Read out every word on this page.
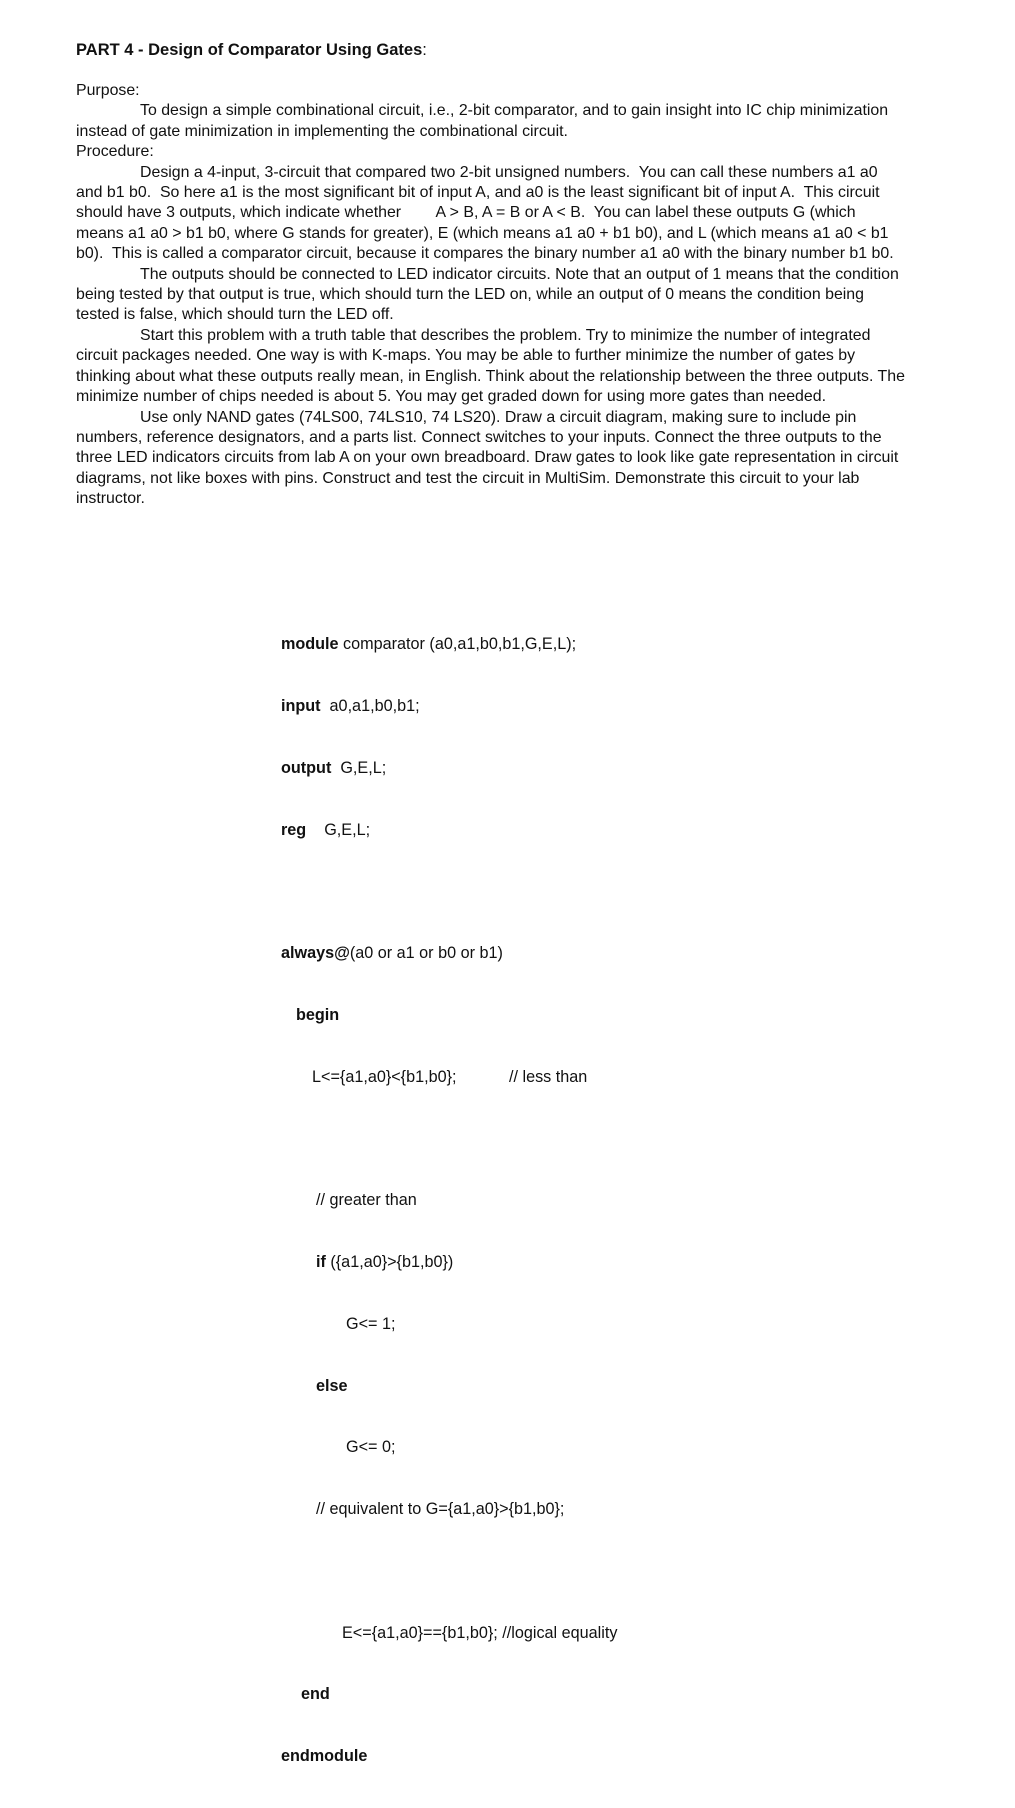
PART 4 - Design of Comparator Using Gates:

Purpose:

To design a simple combinational circuit, i.e., 2-bit comparator, and to gain insight into IC chip minimization instead of gate minimization in implementing the combinational circuit.

Procedure:

Design a 4-input, 3-circuit that compared two 2-bit unsigned numbers.  You can call these numbers a1 a0 and b1 b0.  So here a1 is the most significant bit of input A, and a0 is the least significant bit of input A.  This circuit should have 3 outputs, which indicate whether        A > B, A = B or A < B.  You can label these outputs G (which means a1 a0 > b1 b0, where G stands for greater), E (which means a1 a0 + b1 b0), and L (which means a1 a0 < b1 b0).  This is called a comparator circuit, because it compares the binary number a1 a0 with the binary number b1 b0.

The outputs should be connected to LED indicator circuits. Note that an output of 1 means that the condition being tested by that output is true, which should turn the LED on, while an output of 0 means the condition being tested is false, which should turn the LED off.

Start this problem with a truth table that describes the problem. Try to minimize the number of integrated circuit packages needed. One way is with K-maps. You may be able to further minimize the number of gates by thinking about what these outputs really mean, in English. Think about the relationship between the three outputs. The minimize number of chips needed is about 5. You may get graded down for using more gates than needed.

Use only NAND gates (74LS00, 74LS10, 74 LS20). Draw a circuit diagram, making sure to include pin numbers, reference designators, and a parts list. Connect switches to your inputs. Connect the three outputs to the three LED indicators circuits from lab A on your own breadboard. Draw gates to look like gate representation in circuit diagrams, not like boxes with pins. Construct and test the circuit in MultiSim. Demonstrate this circuit to your lab instructor.

module comparator (a0,a1,b0,b1,G,E,L);

input  a0,a1,b0,b1;

output  G,E,L;

reg    G,E,L;

always@(a0 or a1 or b0 or b1)

begin

L<={a1,a0}<{b1,b0};	// less than

// greater than

if ({a1,a0}>{b1,b0})

G<= 1;

else

G<= 0;

// equivalent to G={a1,a0}>{b1,b0};

E<={a1,a0}=={b1,b0}; //logical equality

end

endmodule
